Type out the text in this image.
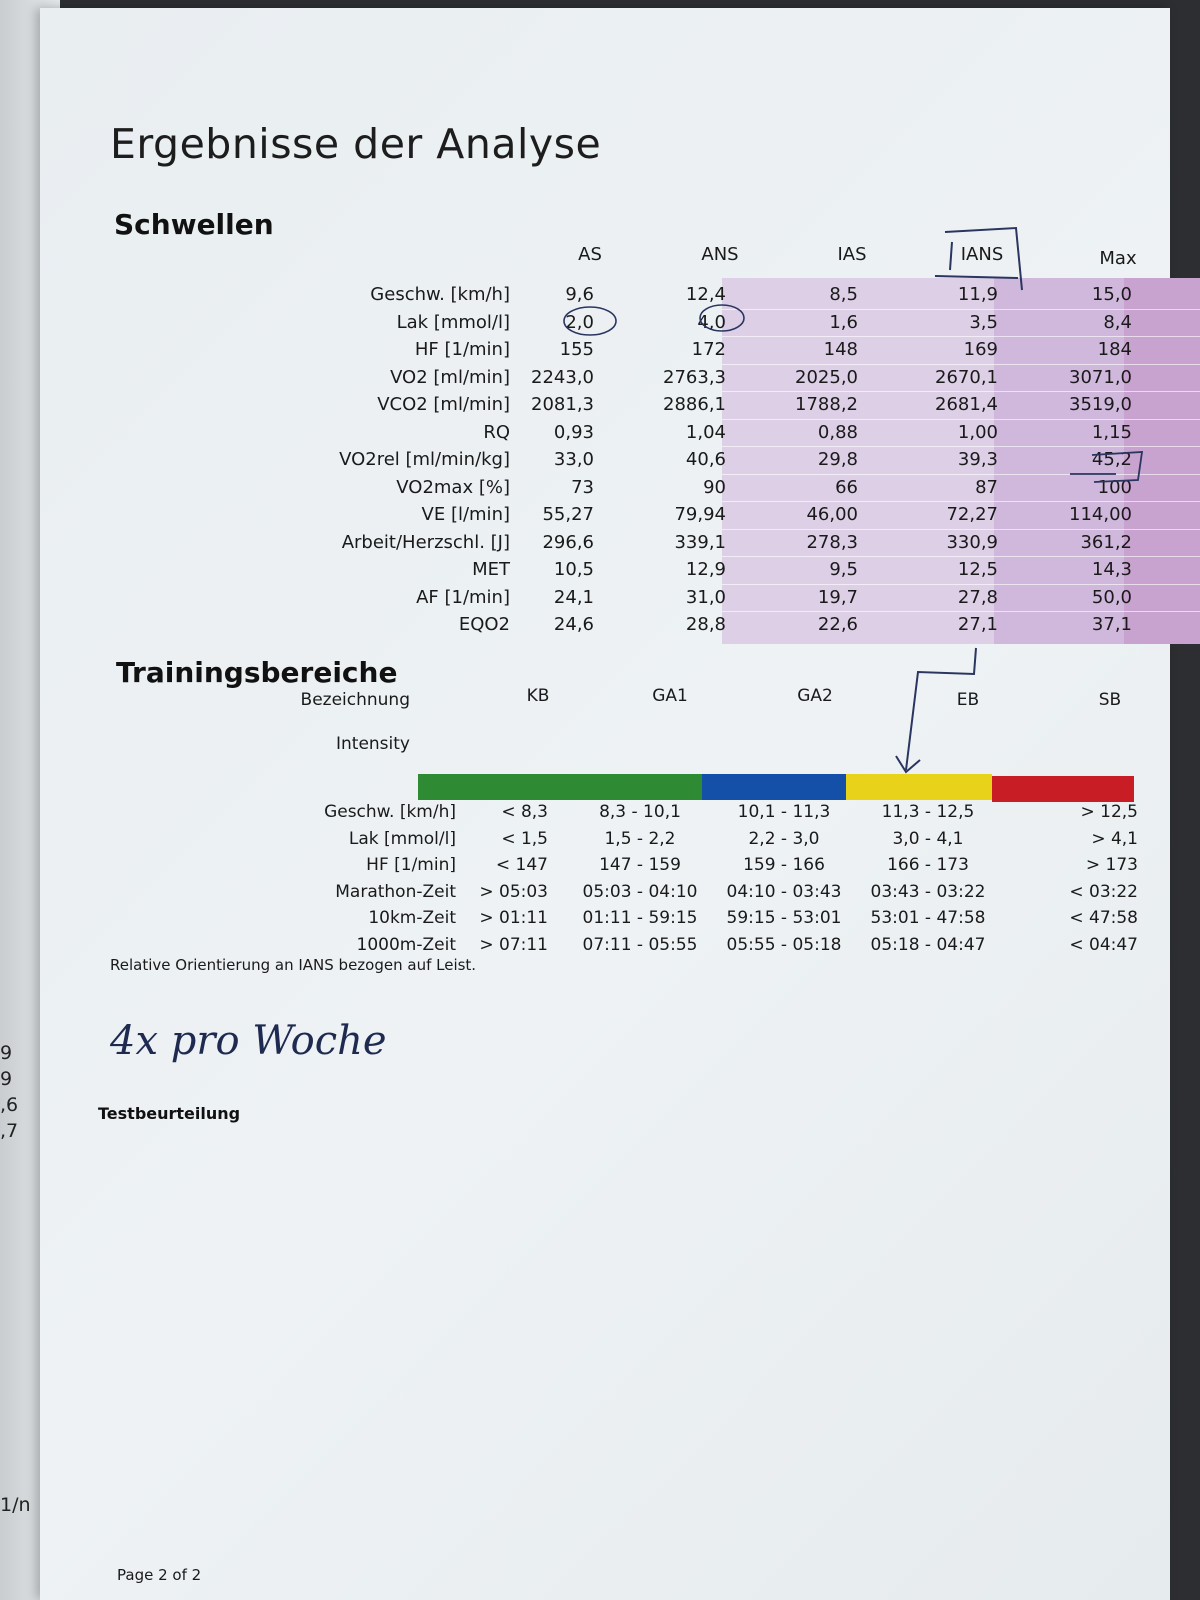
9
9
,6
,7
1/n
Ergebnisse der Analyse
Schwellen
AS	ANS	IAS	IANS	Max
Geschw. [km/h]	9,6	12,4	8,5	11,9	15,0
Lak [mmol/l]	2,0	4,0	1,6	3,5	8,4
HF [1/min]	155	172	148	169	184
VO2 [ml/min]	2243,0	2763,3	2025,0	2670,1	3071,0
VCO2 [ml/min]	2081,3	2886,1	1788,2	2681,4	3519,0
RQ	0,93	1,04	0,88	1,00	1,15
VO2rel [ml/min/kg]	33,0	40,6	29,8	39,3	45,2
VO2max [%]	73	90	66	87	100
VE [l/min]	55,27	79,94	46,00	72,27	114,00
Arbeit/Herzschl. [J]	296,6	339,1	278,3	330,9	361,2
MET	10,5	12,9	9,5	12,5	14,3
AF [1/min]	24,1	31,0	19,7	27,8	50,0
EQO2	24,6	28,8	22,6	27,1	37,1
Trainingsbereiche
Bezeichnung
Intensity
KB	GA1	GA2	EB	SB
Geschw. [km/h]	< 8,3	8,3 - 10,1	10,1 - 11,3	11,3 - 12,5	> 12,5
Lak [mmol/l]	< 1,5	1,5 - 2,2	2,2 - 3,0	3,0 - 4,1	> 4,1
HF [1/min]	< 147	147 - 159	159 - 166	166 - 173	> 173
Marathon-Zeit	> 05:03	05:03 - 04:10	04:10 - 03:43	03:43 - 03:22	< 03:22
10km-Zeit	> 01:11	01:11 - 59:15	59:15 - 53:01	53:01 - 47:58	< 47:58
1000m-Zeit	> 07:11	07:11 - 05:55	05:55 - 05:18	05:18 - 04:47	< 04:47
Relative Orientierung an IANS bezogen auf Leist.
4x pro Woche
Testbeurteilung
Page 2 of 2
